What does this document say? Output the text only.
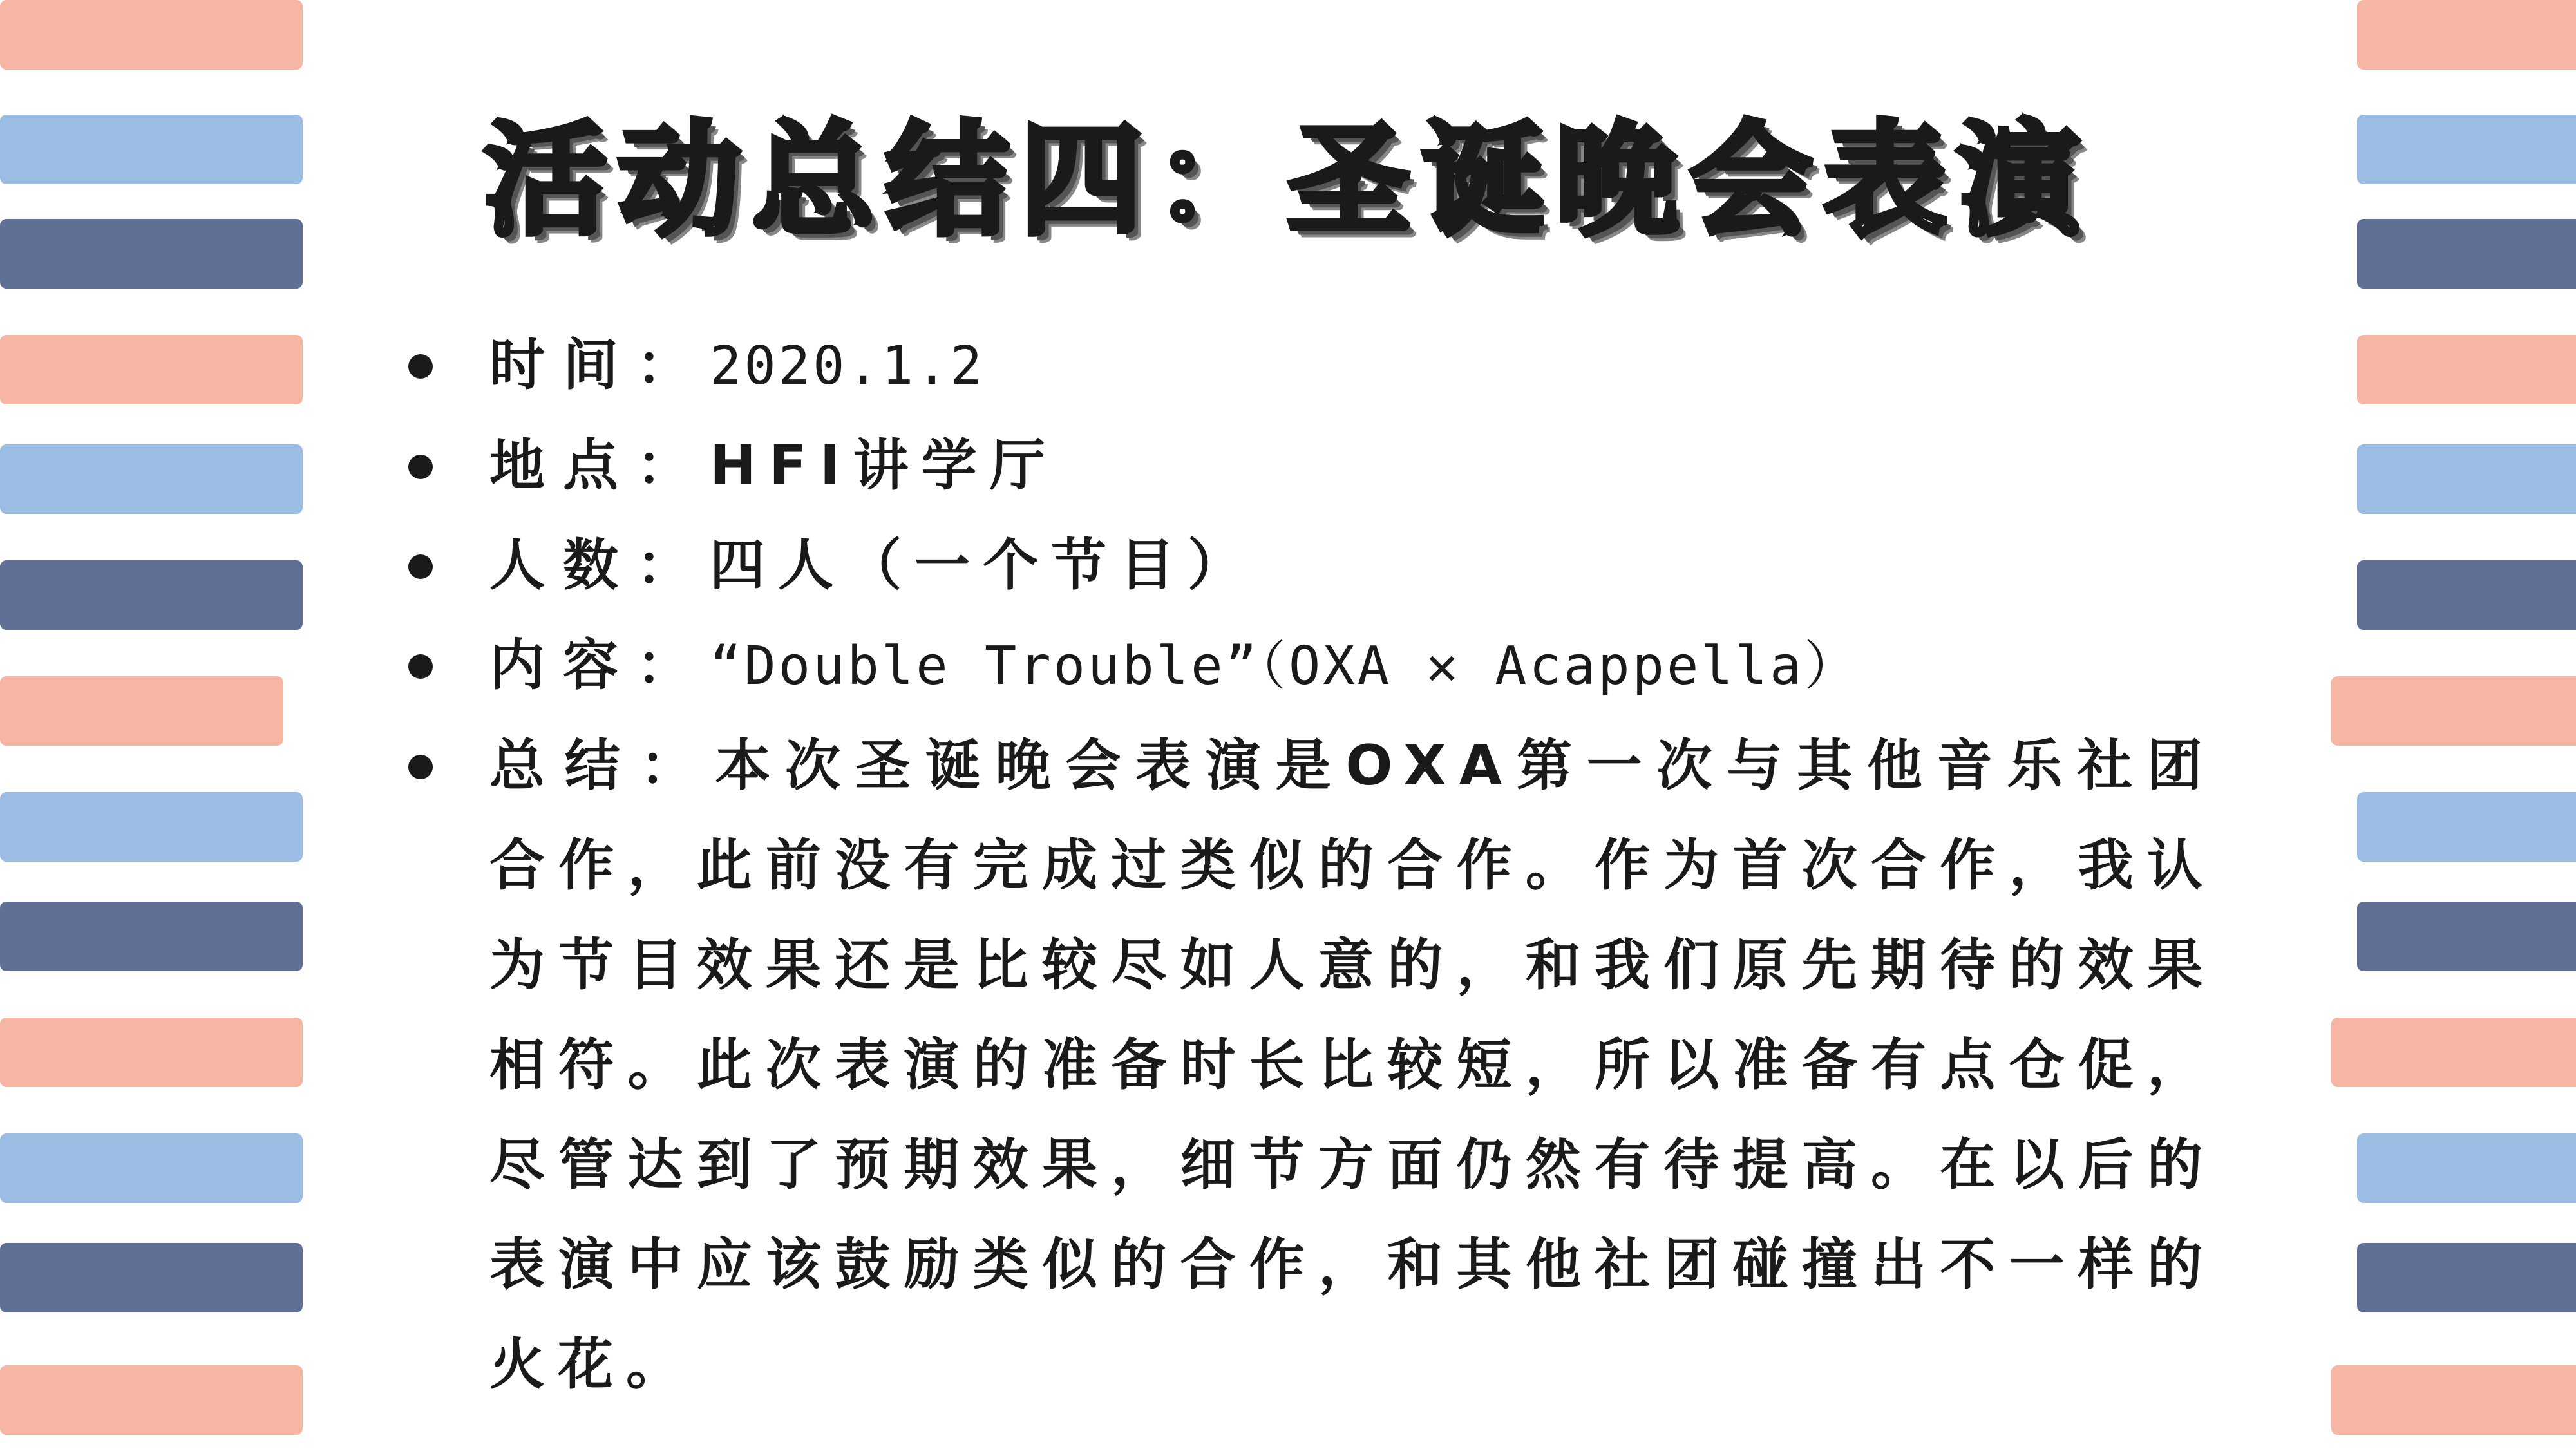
活动总结四：圣诞晚会表演
时间：2020.1.2
地点：HFI讲学厅
人数：四人（一个节目）
内容：“Double Trouble”（OXA ✕ Acappella）
总结：本次圣诞晚会表演是OXA第一次与其他音乐社团合作，此前没有完成过类似的合作。作为首次合作，我认为节目效果还是比较尽如人意的，和我们原先期待的效果相符。此次表演的准备时长比较短，所以准备有点仓促，尽管达到了预期效果，细节方面仍然有待提高。在以后的表演中应该鼓励类似的合作，和其他社团碰撞出不一样的火花。
